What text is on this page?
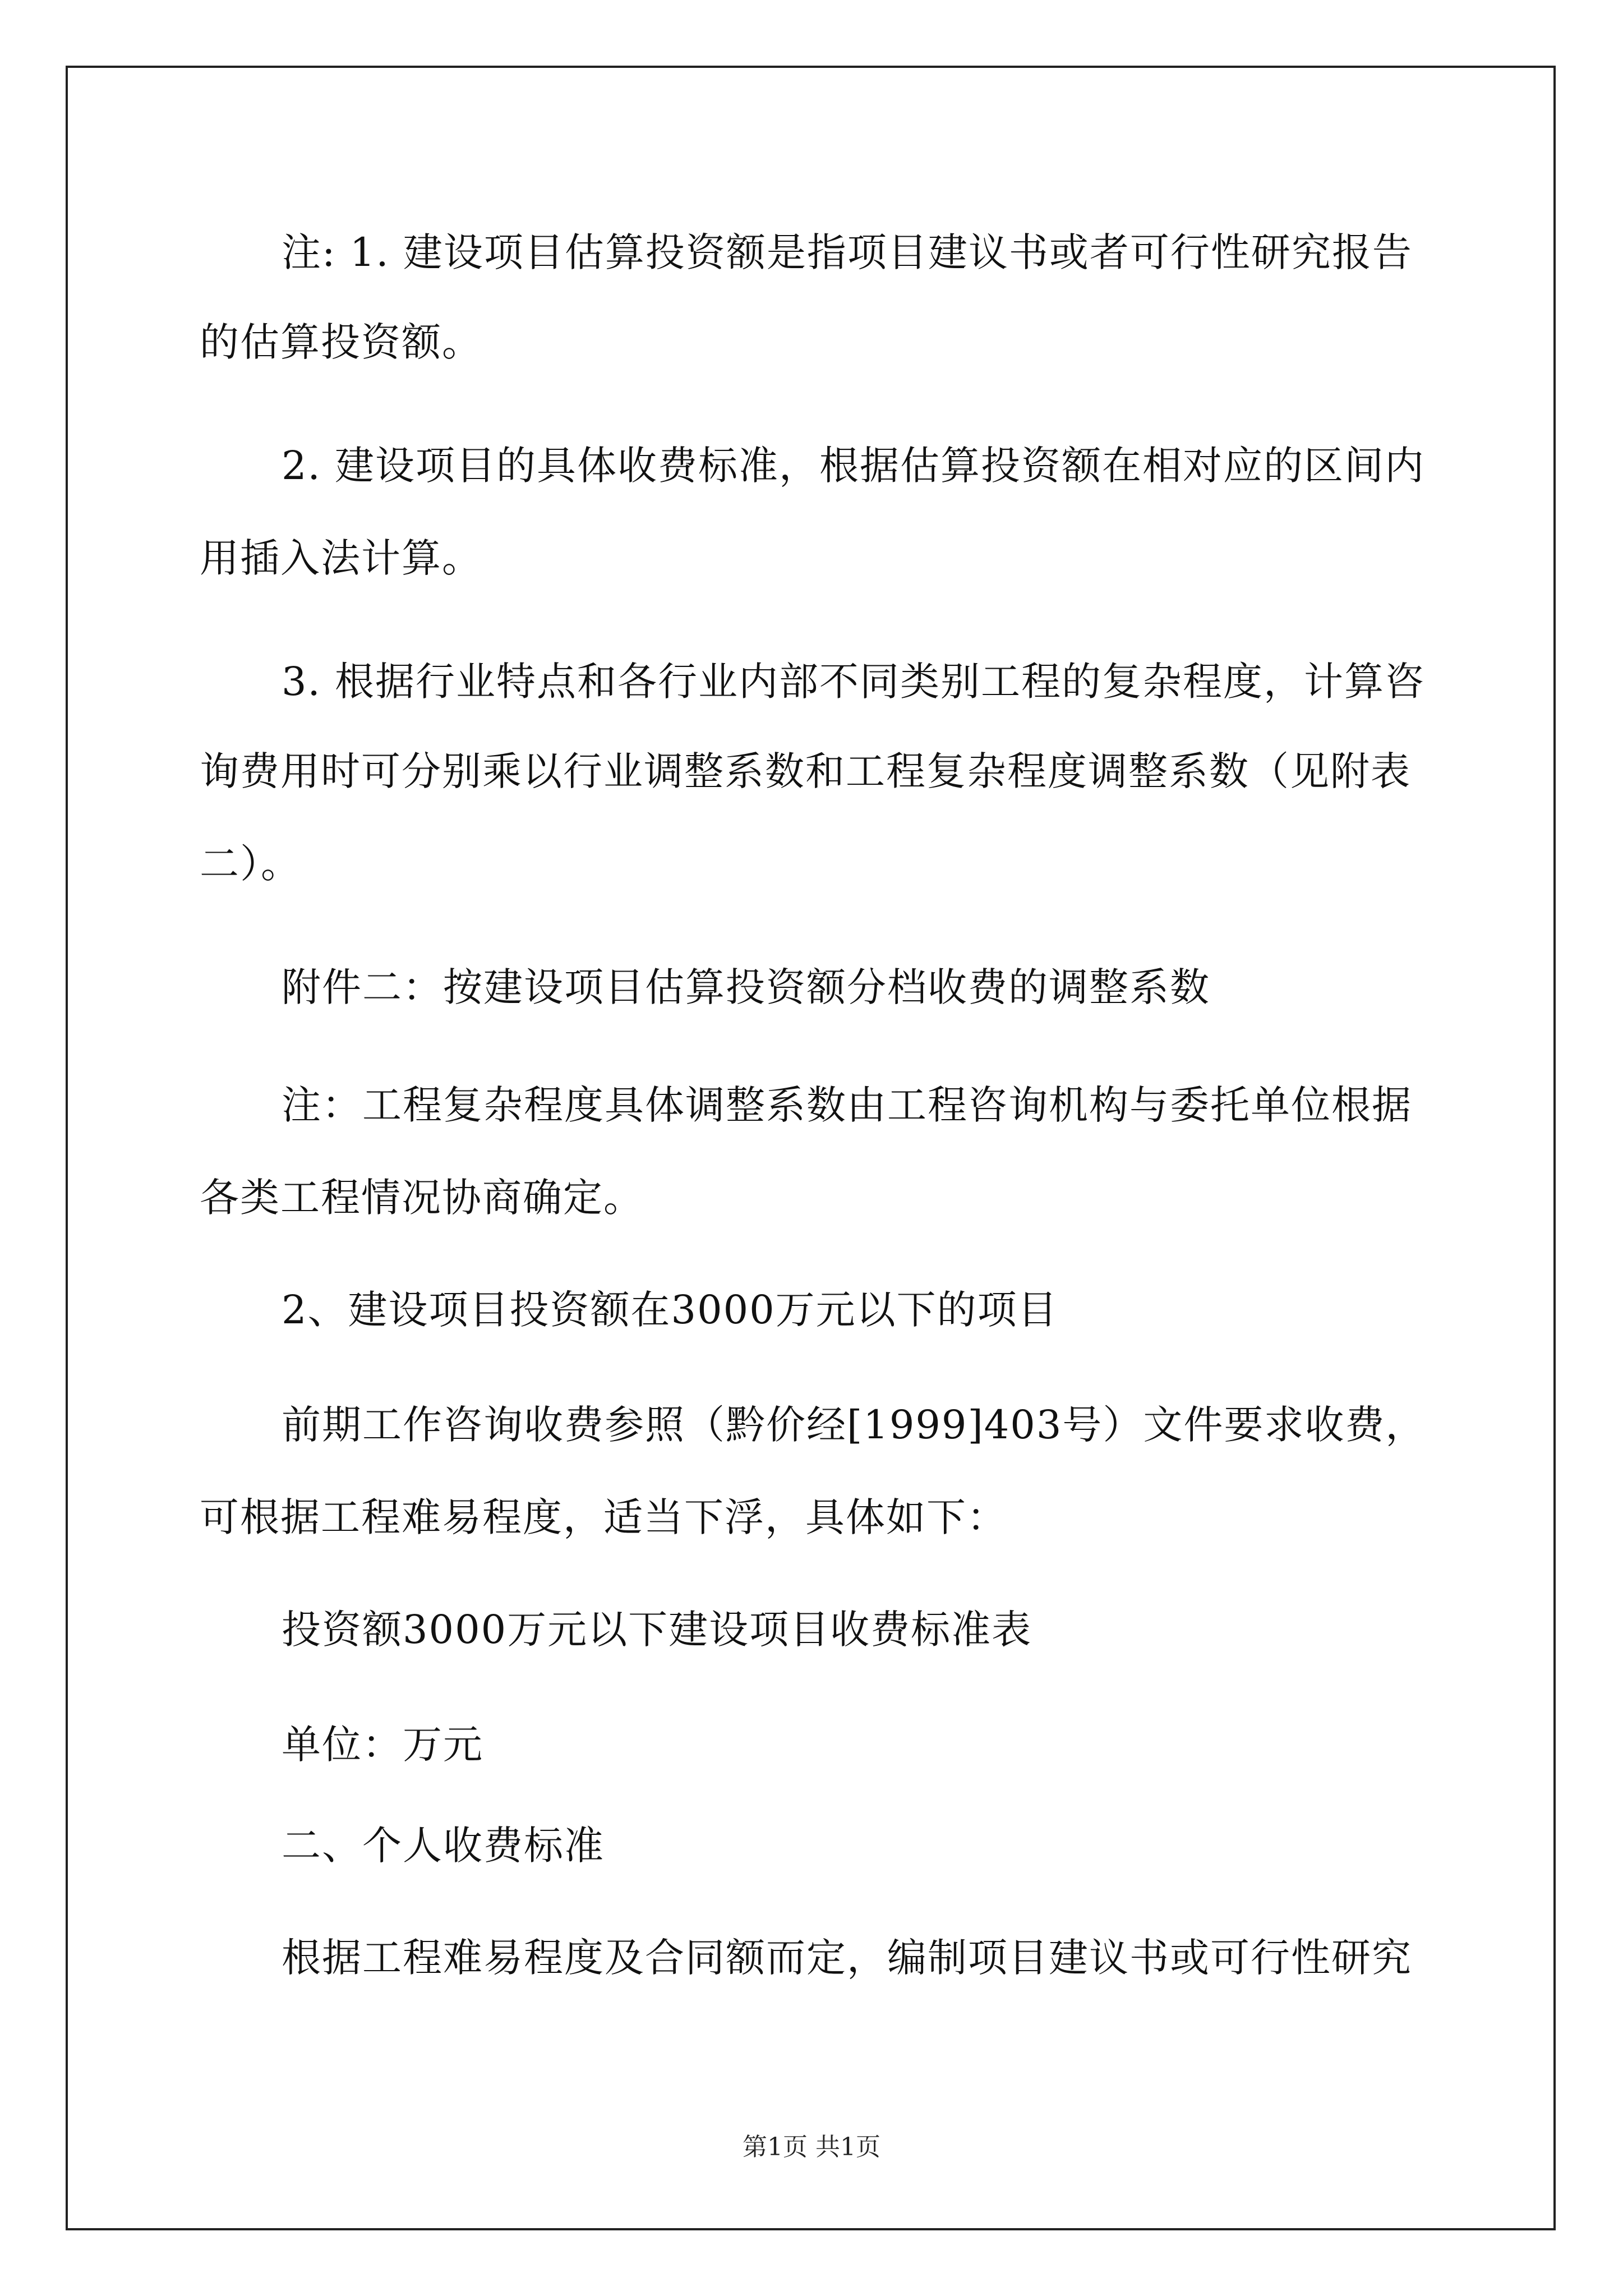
注: 1. 建设项目估算投资额是指项目建议书或者可行性研究报告
的估算投资额。
2. 建设项目的具体收费标准，根据估算投资额在相对应的区间内
用插入法计算。
3. 根据行业特点和各行业内部不同类别工程的复杂程度，计算咨
询费用时可分别乘以行业调整系数和工程复杂程度调整系数（见附表
二）。
附件二：按建设项目估算投资额分档收费的调整系数
注：工程复杂程度具体调整系数由工程咨询机构与委托单位根据
各类工程情况协商确定。
2、建设项目投资额在3000万元以下的项目
前期工作咨询收费参照（黔价经[1999]403号）文件要求收费，
可根据工程难易程度，适当下浮，具体如下：
投资额3000万元以下建设项目收费标准表
单位：万元
二、个人收费标准
根据工程难易程度及合同额而定，编制项目建议书或可行性研究
第1页 共1页
